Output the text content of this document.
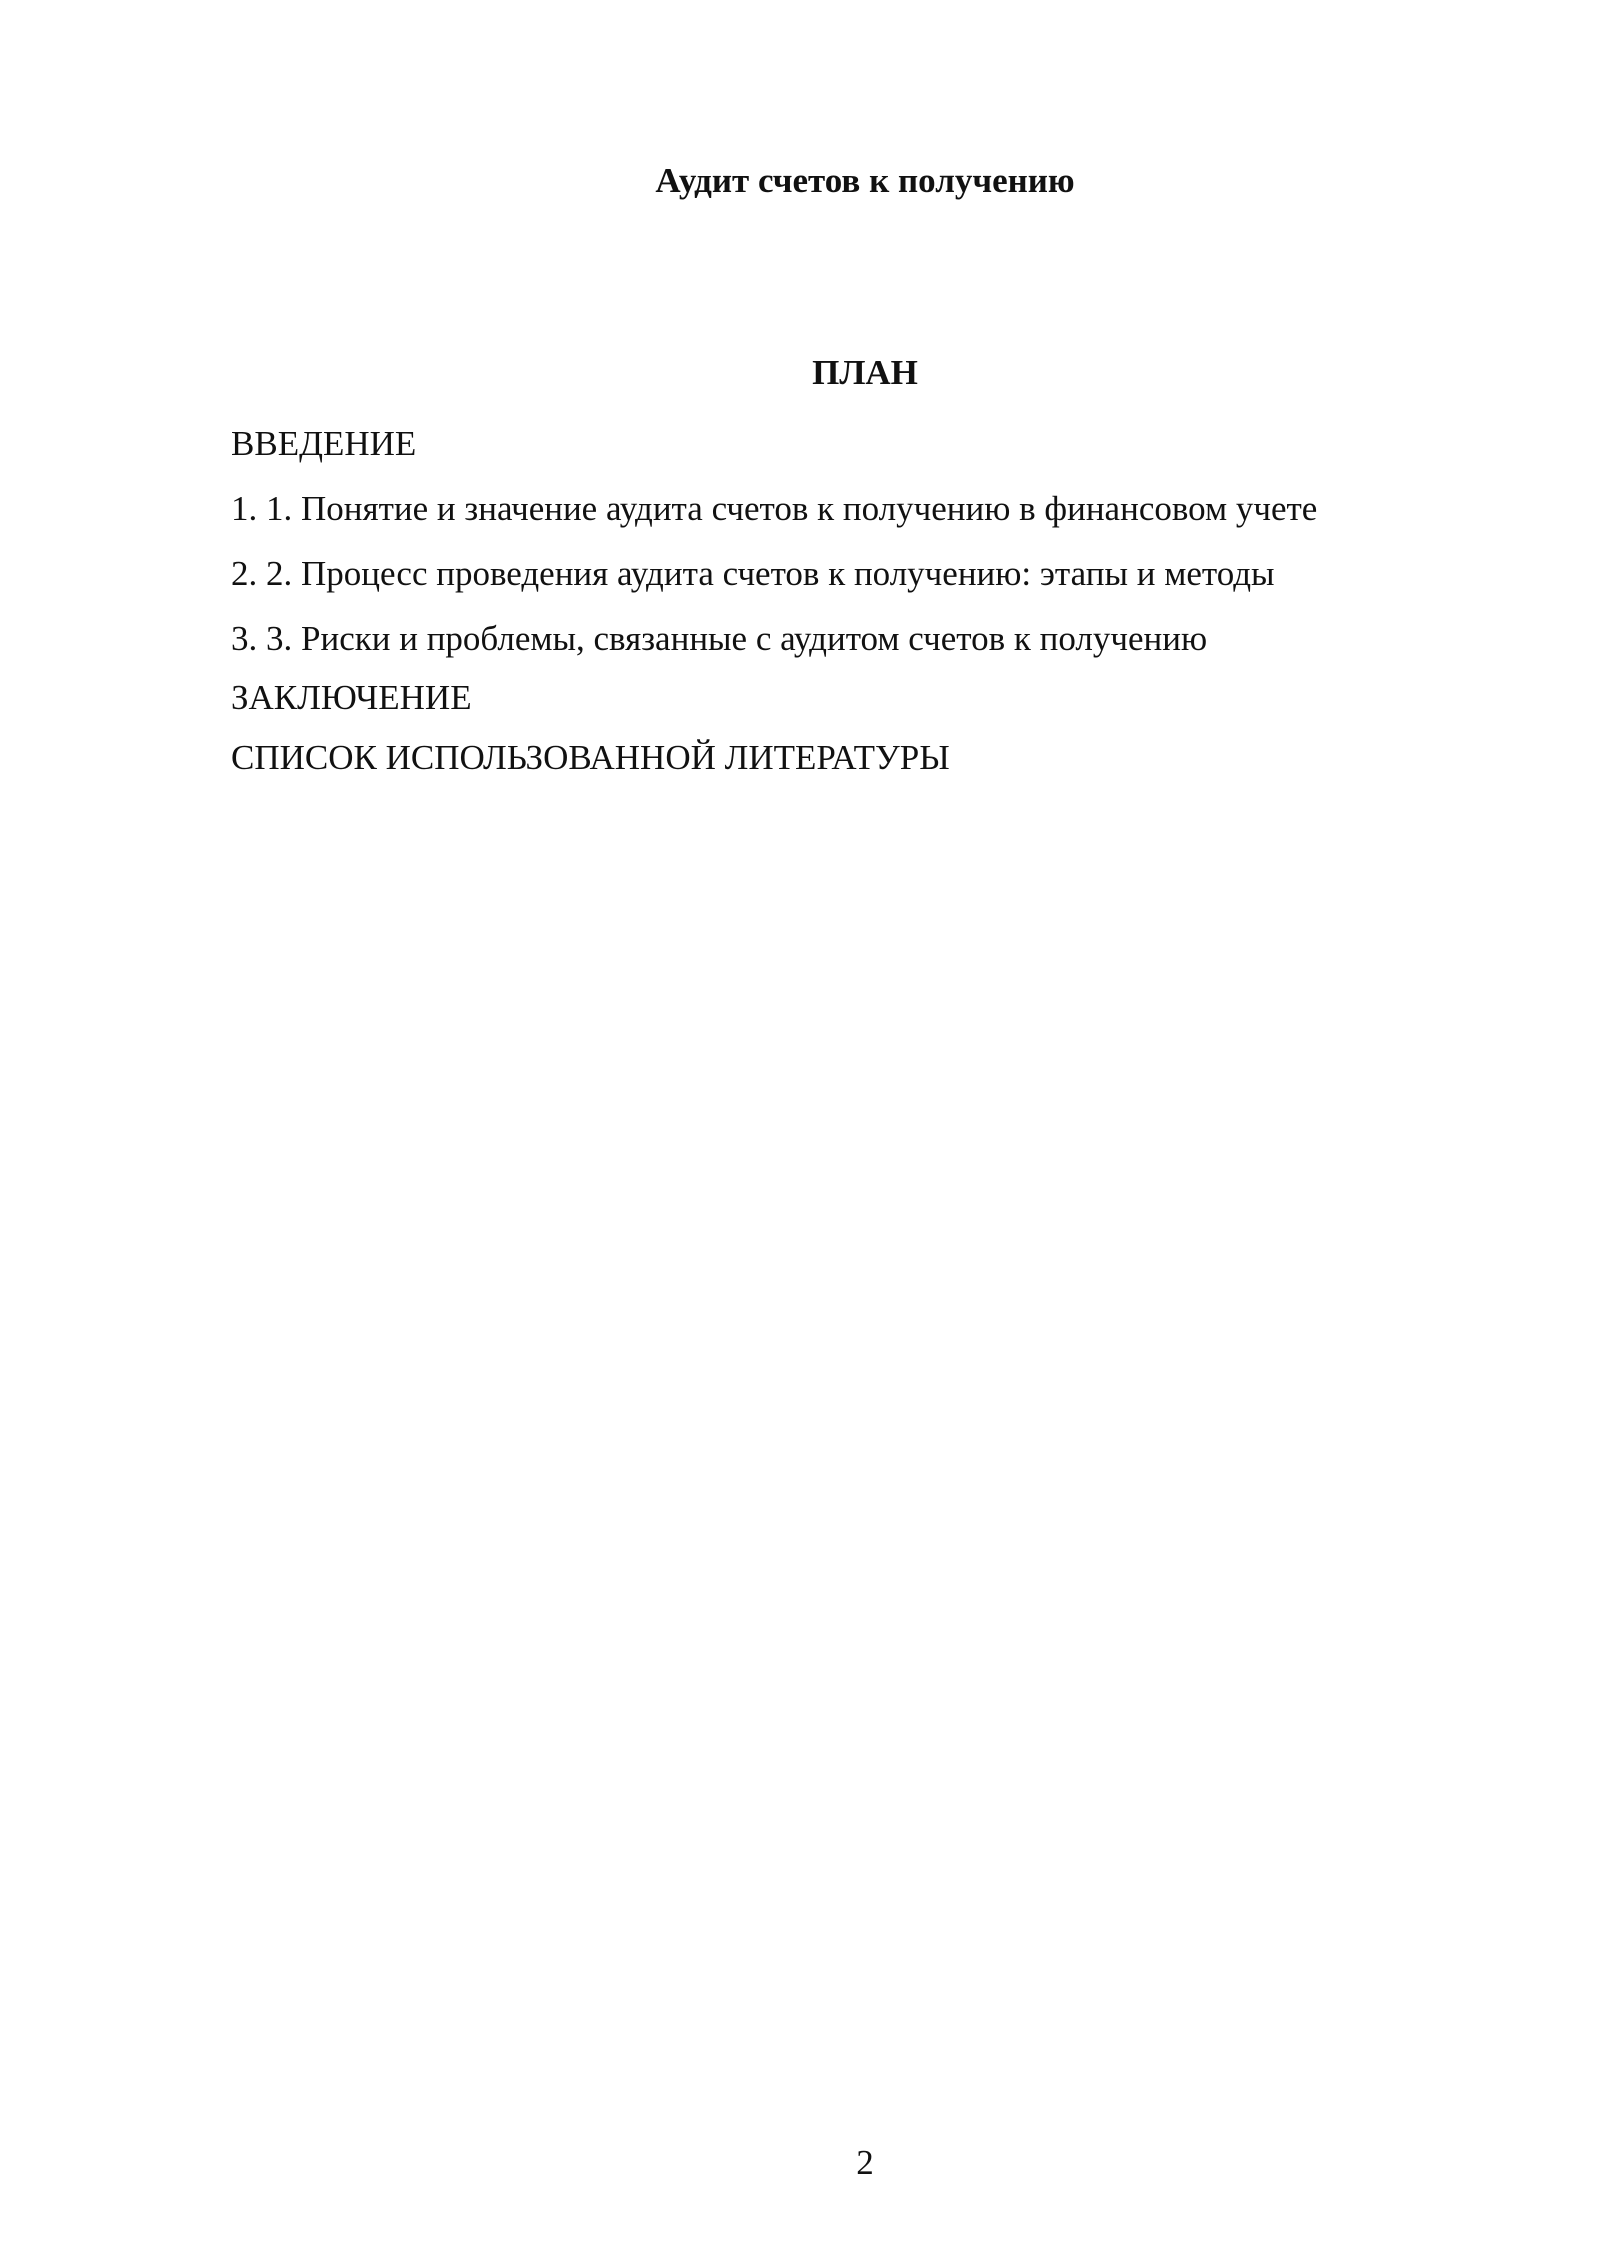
Аудит счетов к получению
ПЛАН
ВВЕДЕНИЕ
1. 1. Понятие и значение аудита счетов к получению в финансовом учете
2. 2. Процесс проведения аудита счетов к получению: этапы и методы
3. 3. Риски и проблемы, связанные с аудитом счетов к получению
ЗАКЛЮЧЕНИЕ
СПИСОК ИСПОЛЬЗОВАННОЙ ЛИТЕРАТУРЫ
2
